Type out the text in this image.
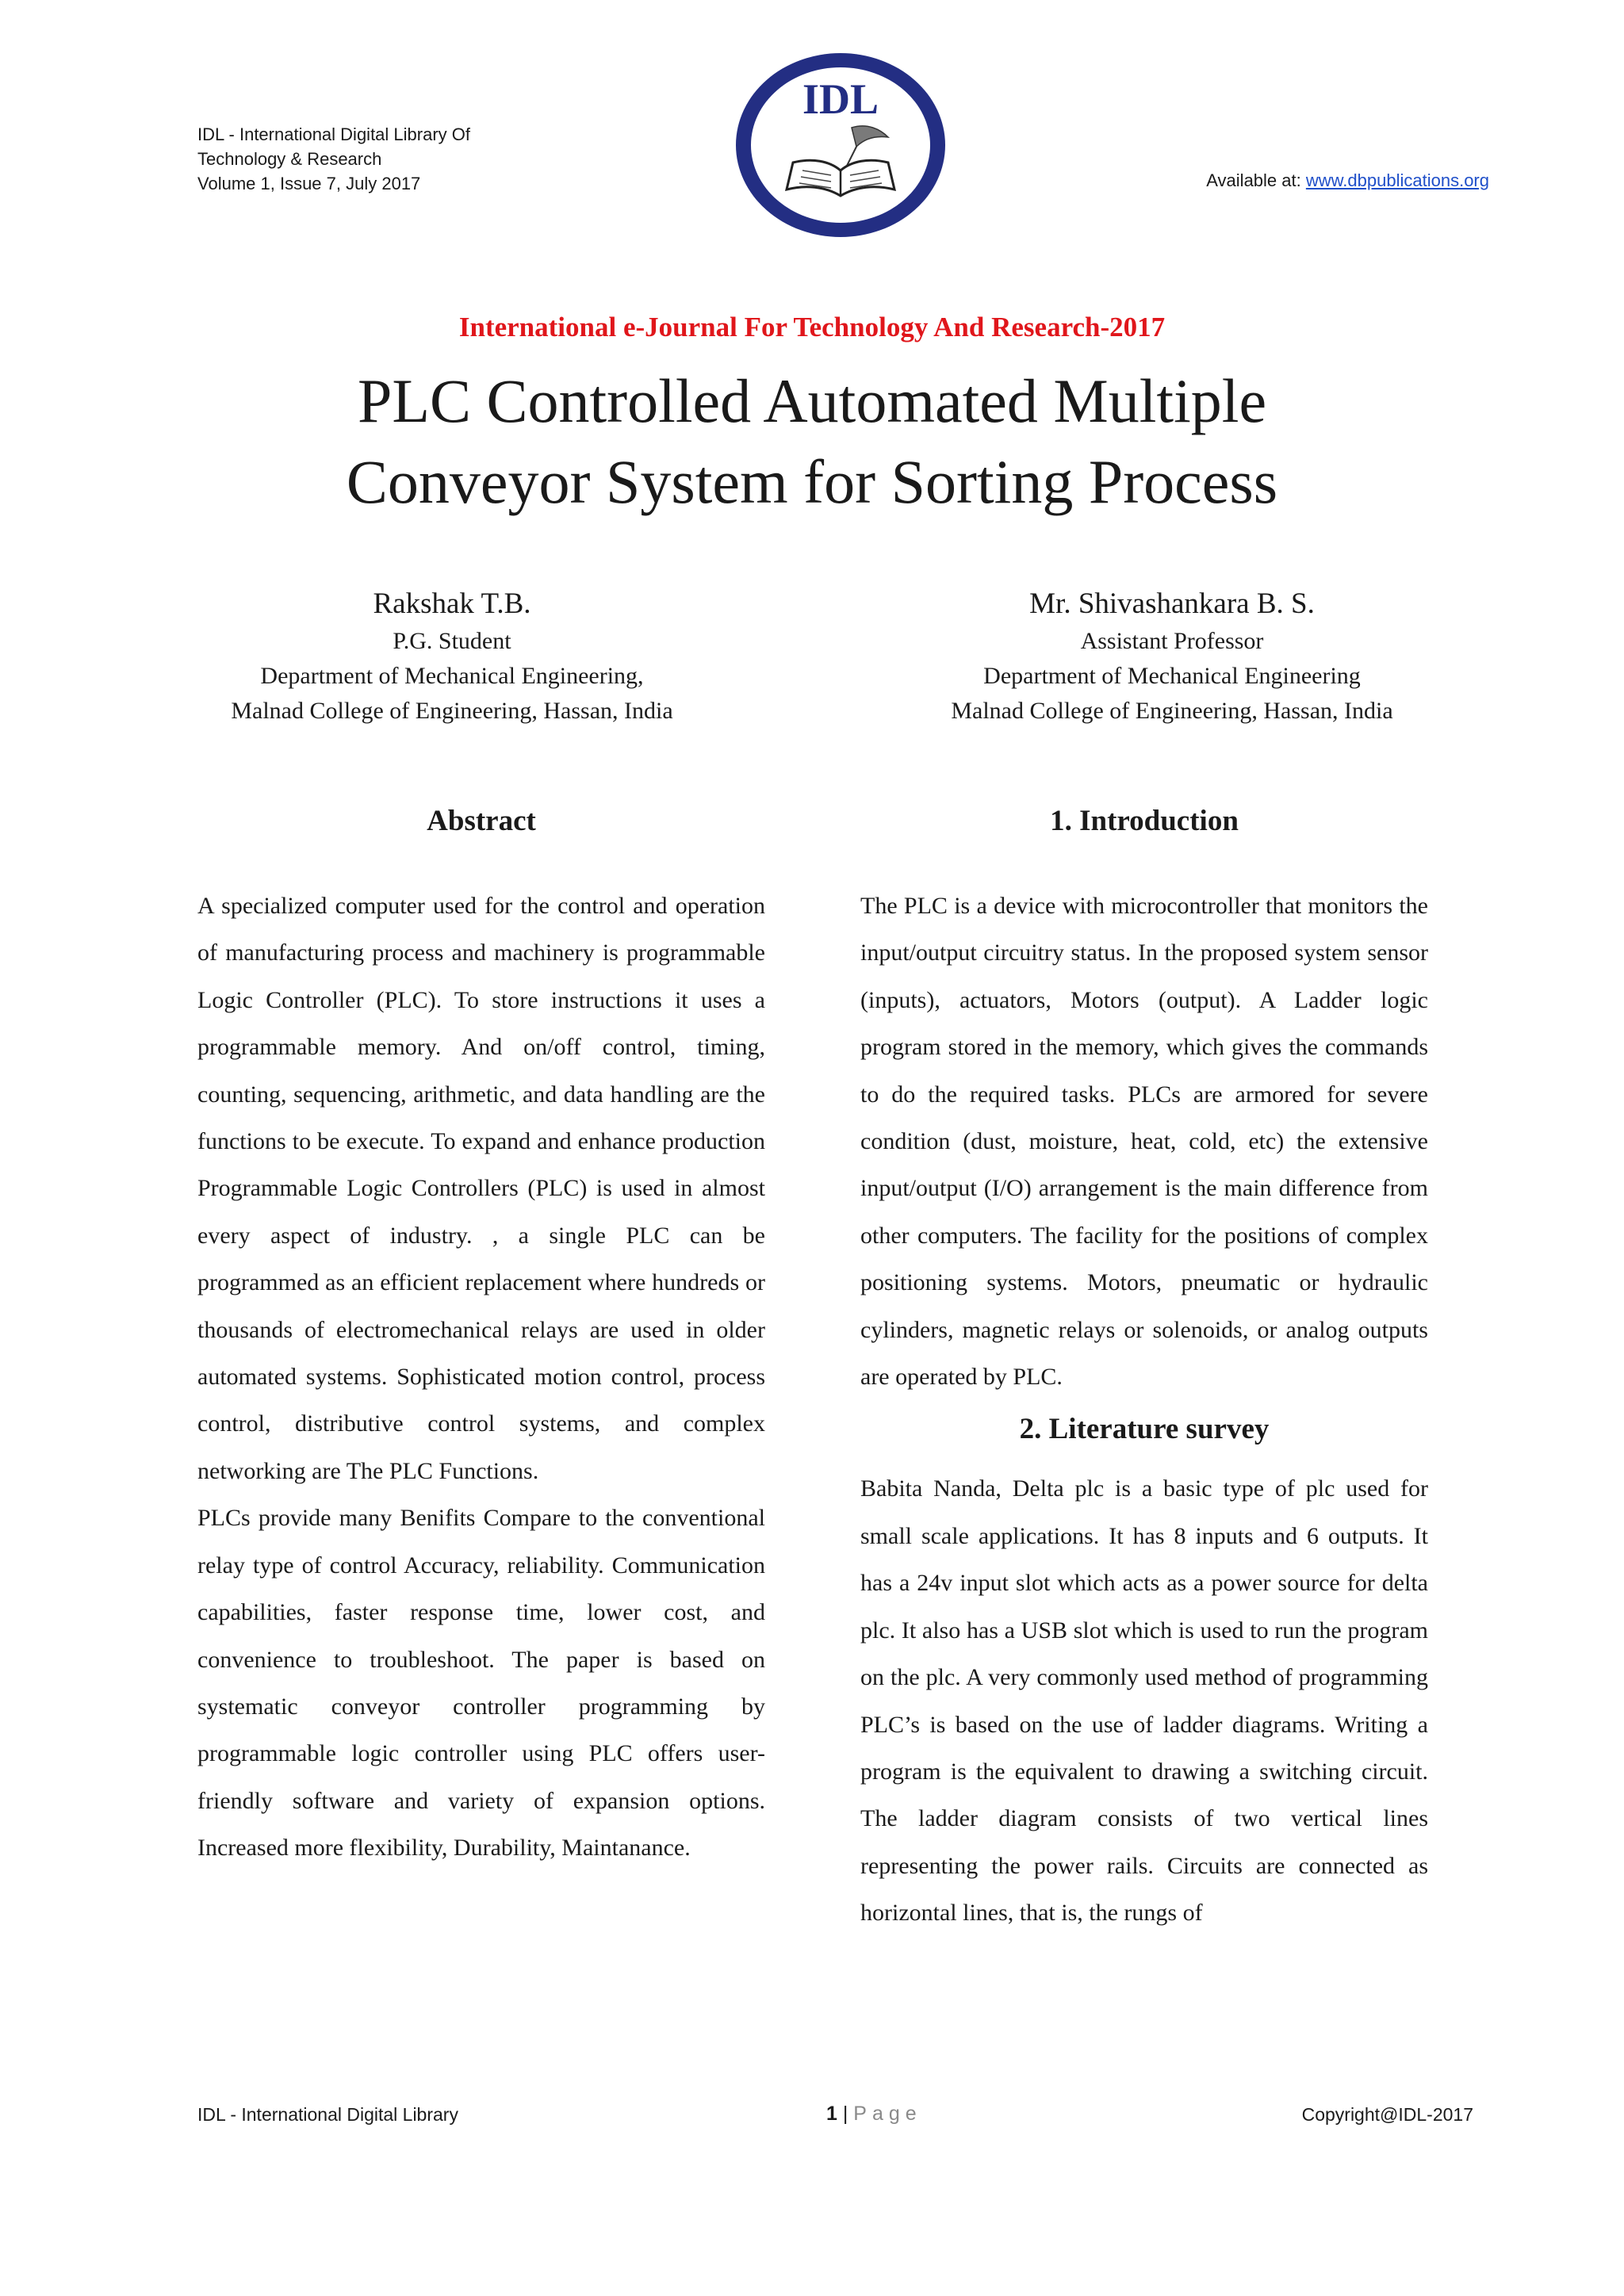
IDL - International Digital Library Of
Technology & Research
Volume 1, Issue 7, July 2017
IDL
Available at: www.dbpublications.org
International e-Journal For Technology And Research-2017
PLC Controlled Automated Multiple
Conveyor System for Sorting Process
Rakshak T.B.
P.G. Student
Department of Mechanical Engineering,
Malnad College of Engineering, Hassan, India
Mr. Shivashankara B. S.
Assistant Professor
Department of Mechanical Engineering
Malnad College of Engineering, Hassan, India
Abstract

A specialized computer used for the control and operation of manufacturing process and machinery is programmable Logic Controller (PLC). To store instructions it uses a programmable memory. And on/off control, timing, counting, sequencing, arithmetic, and data handling are the functions to be execute. To expand and enhance production Programmable Logic Controllers (PLC) is used in almost every aspect of industry. , a single PLC can be programmed as an efficient replacement where hundreds or thousands of electromechanical relays are used in older automated systems. Sophisticated motion control, process control, distributive control systems, and complex networking are The PLC Functions.

PLCs provide many Benifits Compare to the conventional relay type of control Accuracy, reliability. Communication capabilities, faster response time, lower cost, and convenience to troubleshoot. The paper is based on systematic conveyor controller programming by programmable logic controller using PLC offers user-friendly software and variety of expansion options. Increased more flexibility, Durability, Maintanance.

1. Introduction

The PLC is a device with microcontroller that monitors the input/output circuitry status. In the proposed system sensor (inputs), actuators, Motors (output). A Ladder logic program stored in the memory, which gives the commands to do the required tasks. PLCs are armored for severe condition (dust, moisture, heat, cold, etc) the extensive input/output (I/O) arrangement is the main difference from other computers. The facility for the positions of complex positioning systems. Motors, pneumatic or hydraulic cylinders, magnetic relays or solenoids, or analog outputs are operated by PLC.

2. Literature survey

Babita Nanda, Delta plc is a basic type of plc used for small scale applications. It has 8 inputs and 6 outputs. It has a 24v input slot which acts as a power source for delta plc. It also has a USB slot which is used to run the program on the plc. A very commonly used method of programming PLC’s is based on the use of ladder diagrams. Writing a program is the equivalent to drawing a switching circuit. The ladder diagram consists of two vertical lines representing the power rails. Circuits are connected as horizontal lines, that is, the rungs of

IDL - International Digital Library	1 | Page	Copyright@IDL-2017
